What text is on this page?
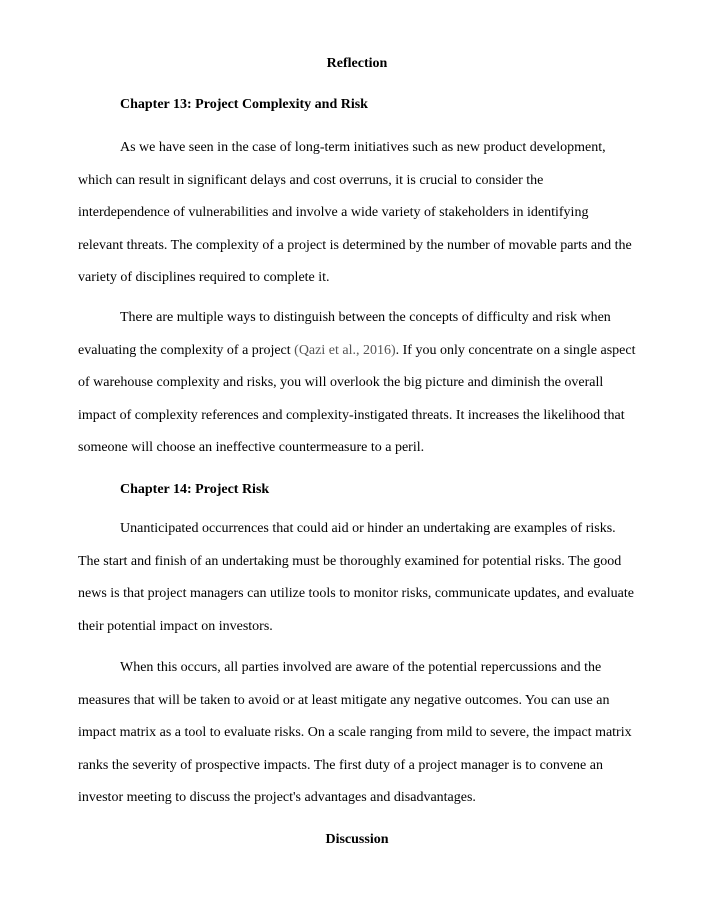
Reflection
Chapter 13: Project Complexity and Risk

As we have seen in the case of long-term initiatives such as new product development,
which can result in significant delays and cost overruns, it is crucial to consider the
interdependence of vulnerabilities and involve a wide variety of stakeholders in identifying
relevant threats. The complexity of a project is determined by the number of movable parts and the
variety of disciplines required to complete it.

There are multiple ways to distinguish between the concepts of difficulty and risk when
evaluating the complexity of a project (Qazi et al., 2016). If you only concentrate on a single aspect
of warehouse complexity and risks, you will overlook the big picture and diminish the overall
impact of complexity references and complexity-instigated threats. It increases the likelihood that
someone will choose an ineffective countermeasure to a peril.

Chapter 14: Project Risk

Unanticipated occurrences that could aid or hinder an undertaking are examples of risks.
The start and finish of an undertaking must be thoroughly examined for potential risks. The good
news is that project managers can utilize tools to monitor risks, communicate updates, and evaluate
their potential impact on investors.

When this occurs, all parties involved are aware of the potential repercussions and the
measures that will be taken to avoid or at least mitigate any negative outcomes. You can use an
impact matrix as a tool to evaluate risks. On a scale ranging from mild to severe, the impact matrix
ranks the severity of prospective impacts. The first duty of a project manager is to convene an
investor meeting to discuss the project's advantages and disadvantages.

Discussion
